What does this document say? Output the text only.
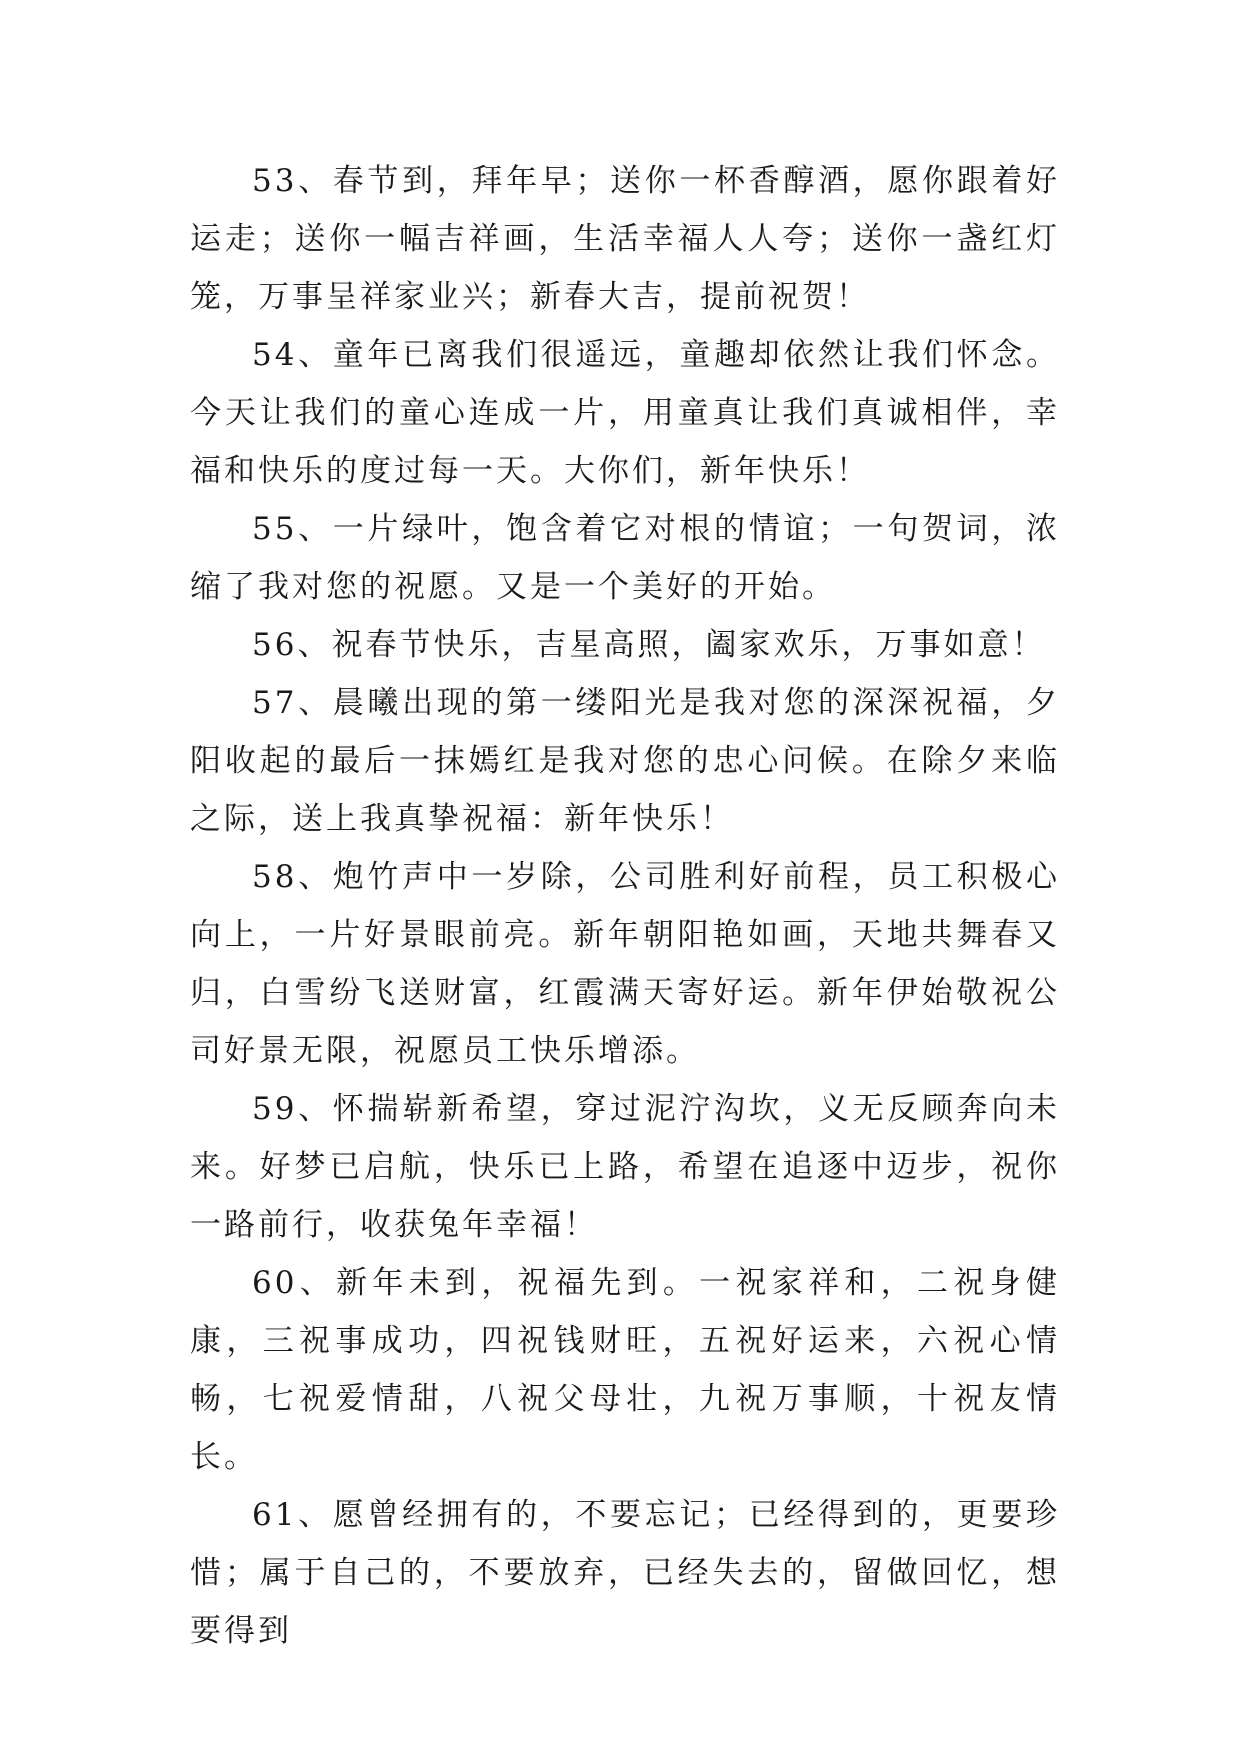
53、春节到，拜年早；送你一杯香醇酒，愿你跟着好运走；送你一幅吉祥画，生活幸福人人夸；送你一盏红灯笼，万事呈祥家业兴；新春大吉，提前祝贺！

54、童年已离我们很遥远，童趣却依然让我们怀念。今天让我们的童心连成一片，用童真让我们真诚相伴，幸福和快乐的度过每一天。大你们，新年快乐！

55、一片绿叶，饱含着它对根的情谊；一句贺词，浓缩了我对您的祝愿。又是一个美好的开始。

56、祝春节快乐，吉星高照，阖家欢乐，万事如意！

57、晨曦出现的第一缕阳光是我对您的深深祝福，夕阳收起的最后一抹嫣红是我对您的忠心问候。在除夕来临之际，送上我真挚祝福：新年快乐！

58、炮竹声中一岁除，公司胜利好前程，员工积极心向上，一片好景眼前亮。新年朝阳艳如画，天地共舞春又归，白雪纷飞送财富，红霞满天寄好运。新年伊始敬祝公司好景无限，祝愿员工快乐增添。

59、怀揣崭新希望，穿过泥泞沟坎，义无反顾奔向未来。好梦已启航，快乐已上路，希望在追逐中迈步，祝你一路前行，收获兔年幸福！

60、新年未到，祝福先到。一祝家祥和，二祝身健康，三祝事成功，四祝钱财旺，五祝好运来，六祝心情畅，七祝爱情甜，八祝父母壮，九祝万事顺，十祝友情长。

61、愿曾经拥有的，不要忘记；已经得到的，更要珍惜；属于自己的，不要放弃，已经失去的，留做回忆，想要得到
